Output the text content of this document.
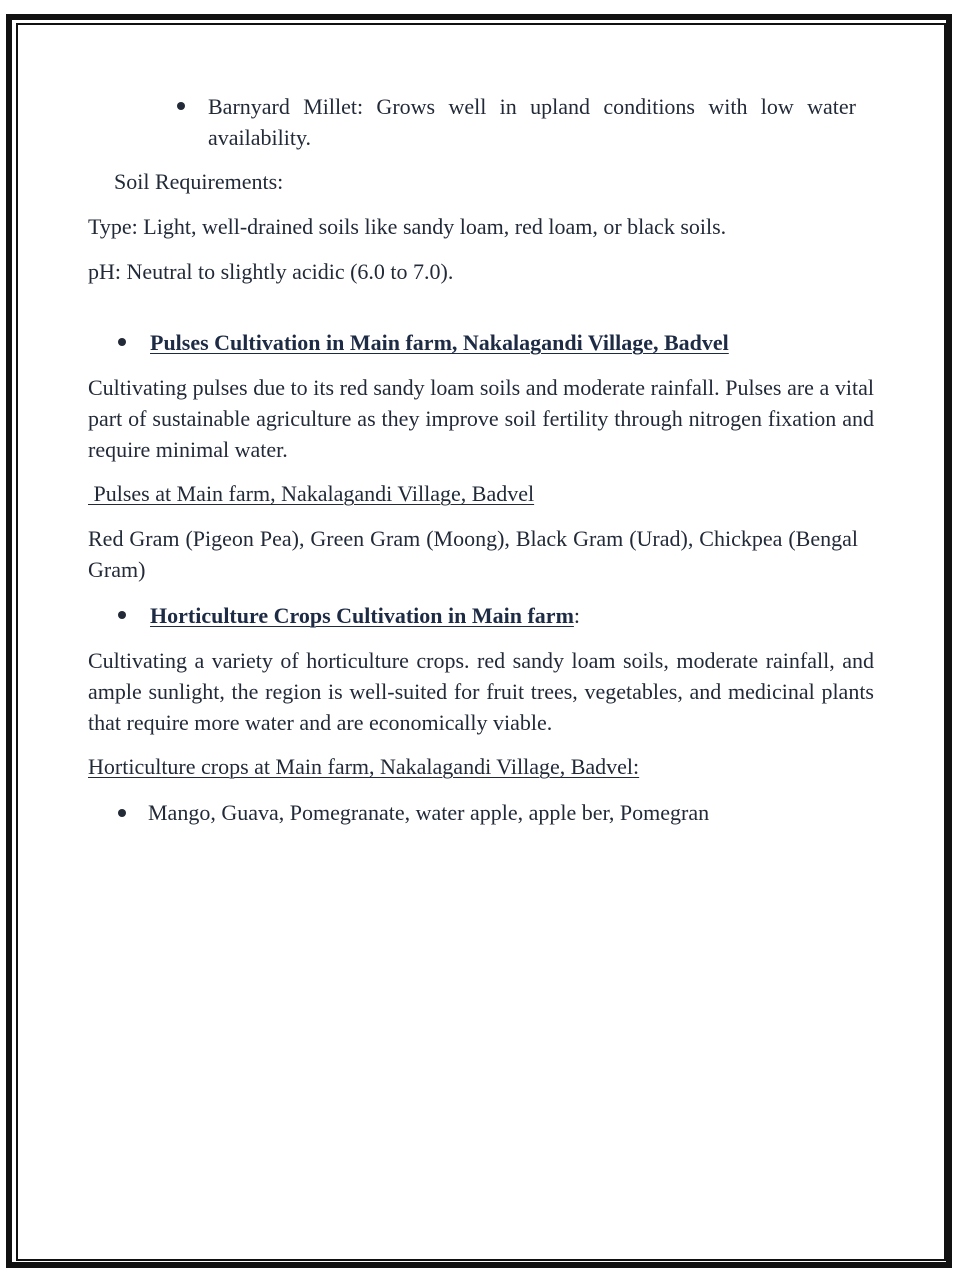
Barnyard Millet: Grows well in upland conditions with low water availability.
Soil Requirements:
Type: Light, well-drained soils like sandy loam, red loam, or black soils.
pH: Neutral to slightly acidic (6.0 to 7.0).
Pulses Cultivation in Main farm, Nakalagandi Village, Badvel
Cultivating pulses due to its red sandy loam soils and moderate rainfall. Pulses are a vital part of sustainable agriculture as they improve soil fertility through nitrogen fixation and require minimal water.
Pulses at Main farm, Nakalagandi Village, Badvel
Red Gram (Pigeon Pea), Green Gram (Moong), Black Gram (Urad), Chickpea (Bengal Gram)
Horticulture Crops Cultivation in Main farm:
Cultivating a variety of horticulture crops. red sandy loam soils, moderate rainfall, and ample sunlight, the region is well-suited for fruit trees, vegetables, and medicinal plants that require more water and are economically viable.
Horticulture crops at Main farm, Nakalagandi Village, Badvel:
Mango, Guava, Pomegranate, water apple, apple ber, Pomegran
